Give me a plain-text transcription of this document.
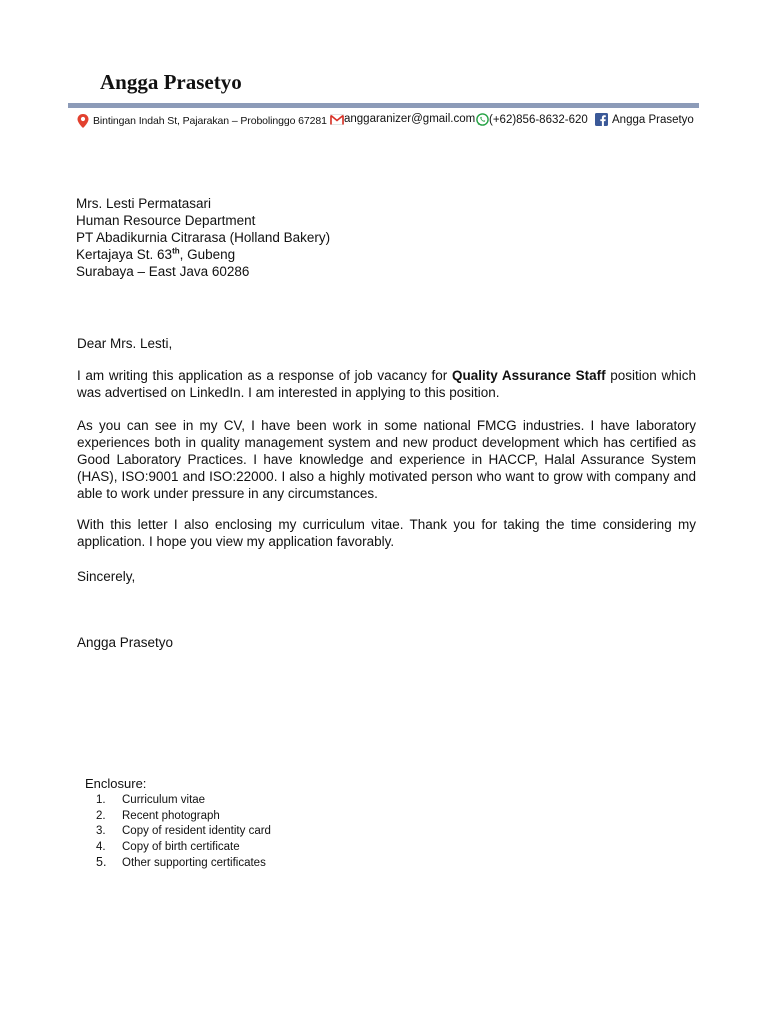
Angga Prasetyo
Bintingan Indah St, Pajarakan – Probolinggo 67281 anggaranizer@gmail.com (+62)856-8632-620 Angga Prasetyo
Mrs. Lesti Permatasari
Human Resource Department
PT Abadikurnia Citrarasa (Holland Bakery)
Kertajaya St. 63th, Gubeng
Surabaya – East Java 60286
Dear Mrs. Lesti,

I am writing this application as a response of job vacancy for Quality Assurance Staff position which was advertised on LinkedIn. I am interested in applying to this position.

As you can see in my CV, I have been work in some national FMCG industries. I have laboratory experiences both in quality management system and new product development which has certified as Good Laboratory Practices. I have knowledge and experience in HACCP, Halal Assurance System (HAS), ISO:9001 and ISO:22000. I also a highly motivated person who want to grow with company and able to work under pressure in any circumstances.

With this letter I also enclosing my curriculum vitae. Thank you for taking the time considering my application. I hope you view my application favorably.

Sincerely,
Angga Prasetyo
Enclosure:
1. Curriculum vitae
2. Recent photograph
3. Copy of resident identity card
4. Copy of birth certificate
5. Other supporting certificates
